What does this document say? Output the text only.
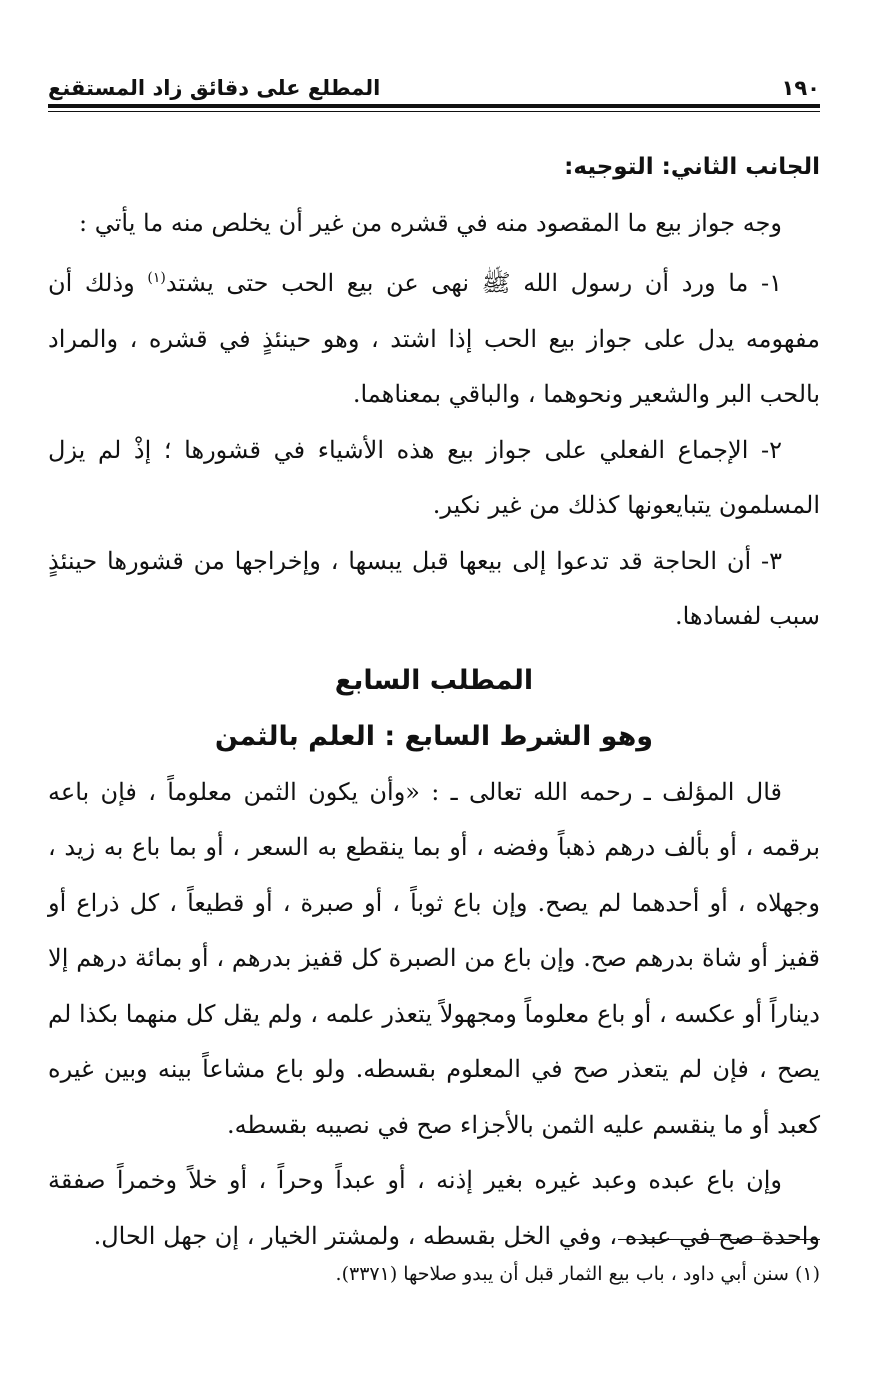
١٩٠
المطلع على دقائق زاد المستقنع

الجانب الثاني: التوجيه:

وجه جواز بيع ما المقصود منه في قشره من غير أن يخلص منه ما يأتي :

١- ما ورد أن رسول الله ﷺ نهى عن بيع الحب حتى يشتد$^{(١)}$ وذلك أن مفهومه يدل على جواز بيع الحب إذا اشتد ، وهو حينئذٍ في قشره ، والمراد بالحب البر والشعير ونحوهما ، والباقي بمعناهما.

٢- الإجماع الفعلي على جواز بيع هذه الأشياء في قشورها ؛ إذْ لم يزل المسلمون يتبايعونها كذلك من غير نكير.

٣- أن الحاجة قد تدعوا إلى بيعها قبل يبسها ، وإخراجها من قشورها حينئذٍ سبب لفسادها.

المطلب السابع

وهو الشرط السابع : العلم بالثمن

قال المؤلف ـ رحمه الله تعالى ـ : «وأن يكون الثمن معلوماً ، فإن باعه برقمه ، أو بألف درهم ذهباً وفضه ، أو بما ينقطع به السعر ، أو بما باع به زيد ، وجهلاه ، أو أحدهما لم يصح. وإن باع ثوباً ، أو صبرة ، أو قطيعاً ، كل ذراع أو قفيز أو شاة بدرهم صح. وإن باع من الصبرة كل قفيز بدرهم ، أو بمائة درهم إلا ديناراً أو عكسه ، أو باع معلوماً ومجهولاً يتعذر علمه ، ولم يقل كل منهما بكذا لم يصح ، فإن لم يتعذر صح في المعلوم بقسطه. ولو باع مشاعاً بينه وبين غيره كعبد أو ما ينقسم عليه الثمن بالأجزاء صح في نصيبه بقسطه.

وإن باع عبده وعبد غيره بغير إذنه ، أو عبداً وحراً ، أو خلاً وخمراً صفقة واحدة صح في عبده ، وفي الخل بقسطه ، ولمشتر الخيار ، إن جهل الحال.

(١) سنن أبي داود ، باب بيع الثمار قبل أن يبدو صلاحها (٣٣٧١).
